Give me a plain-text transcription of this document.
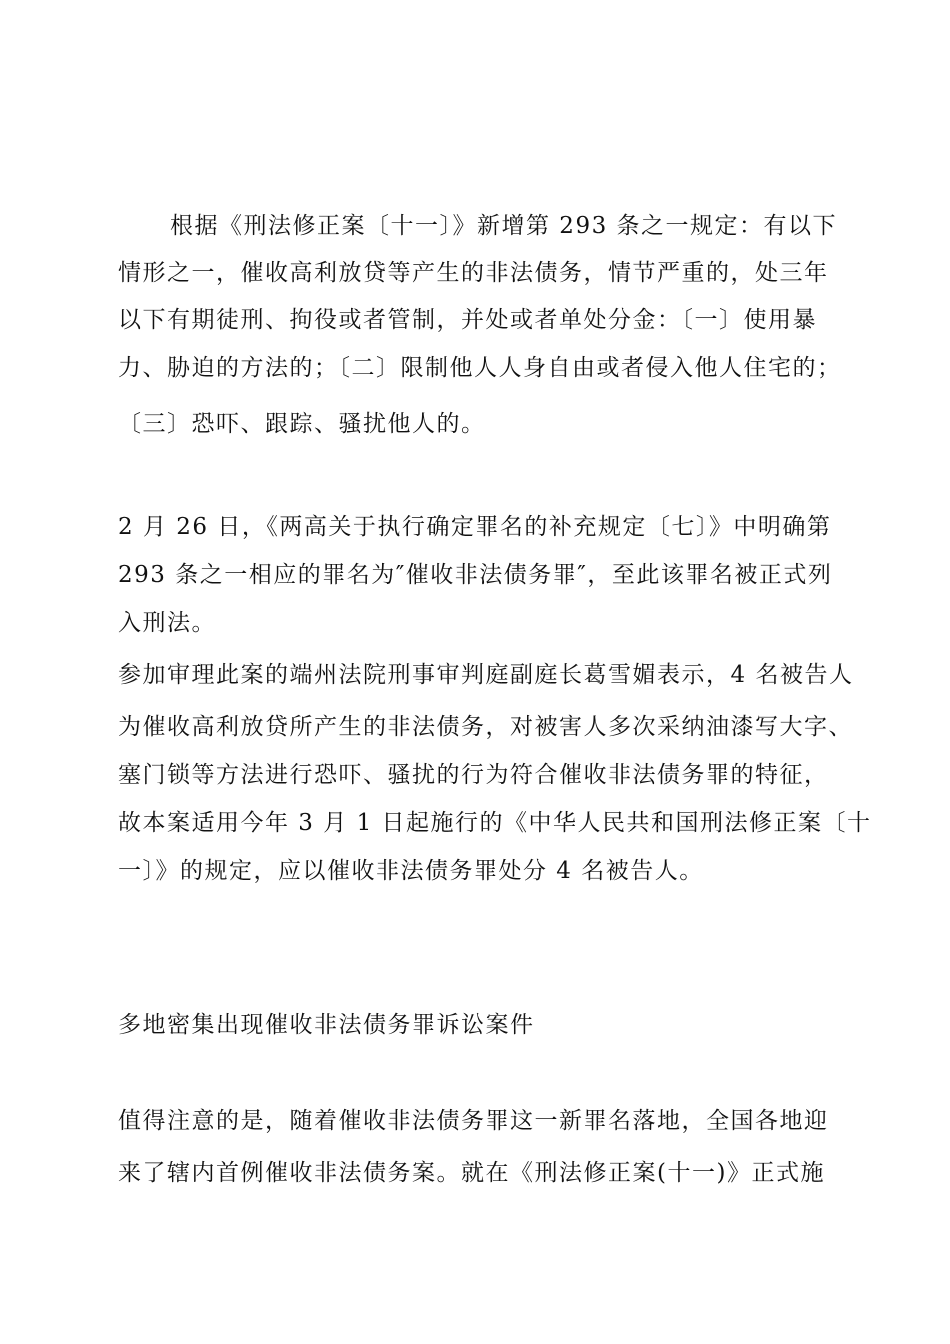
根据《刑法修正案〔十一〕》新增第 293 条之一规定：有以下
情形之一，催收高利放贷等产生的非法债务，情节严重的，处三年
以下有期徒刑、拘役或者管制，并处或者单处分金：〔一〕使用暴
力、胁迫的方法的；〔二〕限制他人人身自由或者侵入他人住宅的；
〔三〕恐吓、跟踪、骚扰他人的。
2 月 26 日，《两高关于执行确定罪名的补充规定〔七〕》中明确第
293 条之一相应的罪名为″催收非法债务罪″，至此该罪名被正式列
入刑法。
参加审理此案的端州法院刑事审判庭副庭长葛雪媚表示，4 名被告人
为催收高利放贷所产生的非法债务，对被害人多次采纳油漆写大字、
塞门锁等方法进行恐吓、骚扰的行为符合催收非法债务罪的特征，
故本案适用今年 3 月 1 日起施行的《中华人民共和国刑法修正案〔十
一〕》的规定，应以催收非法债务罪处分 4 名被告人。
多地密集出现催收非法债务罪诉讼案件
值得注意的是，随着催收非法债务罪这一新罪名落地，全国各地迎
来了辖内首例催收非法债务案。就在《刑法修正案(十一)》正式施
